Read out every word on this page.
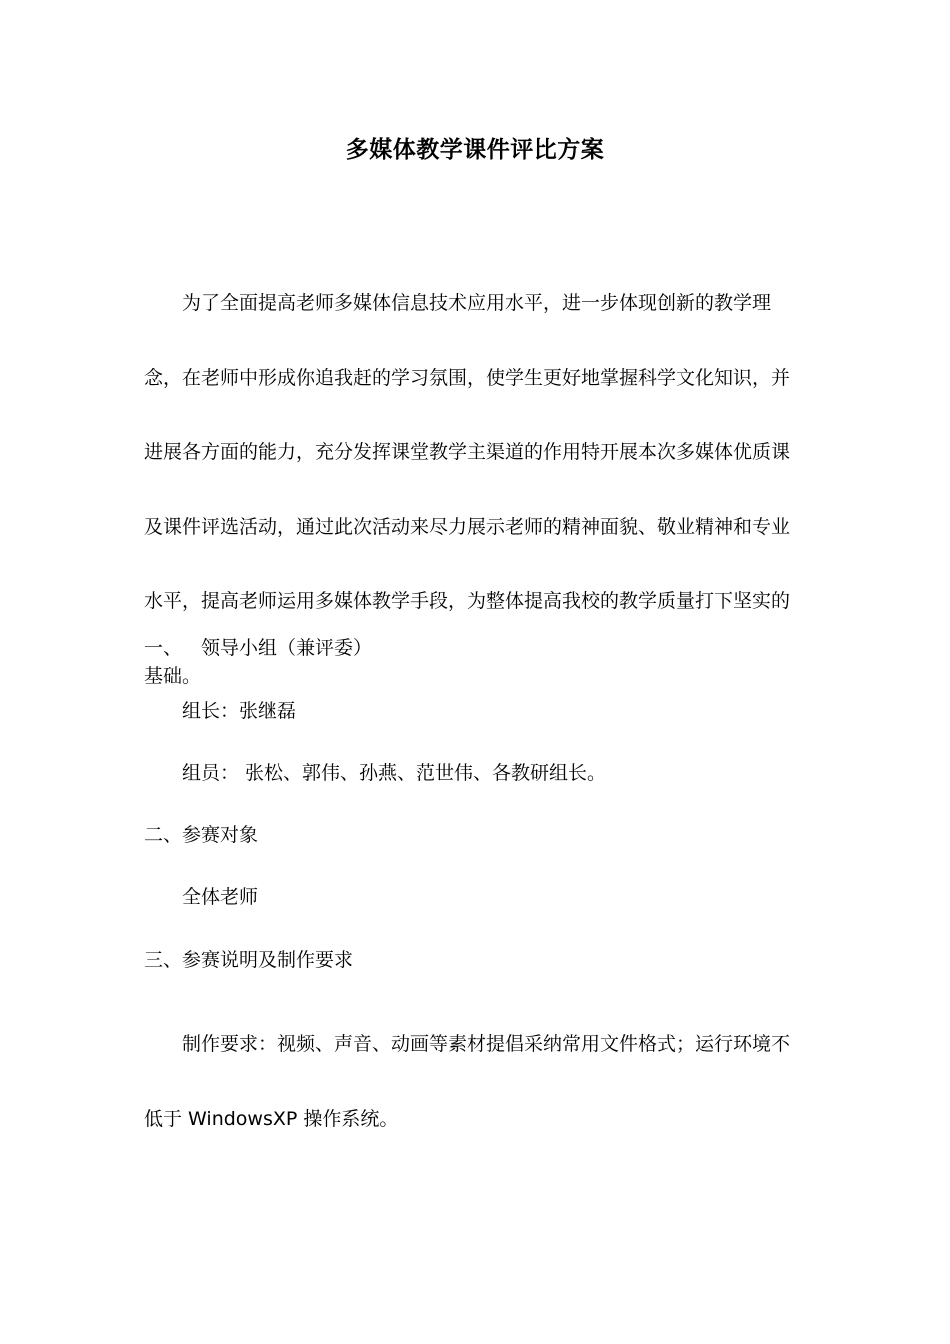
多媒体教学课件评比方案

为了全面提高老师多媒体信息技术应用水平，进一步体现创新的教学理念，在老师中形成你追我赶的学习氛围，使学生更好地掌握科学文化知识，并进展各方面的能力，充分发挥课堂教学主渠道的作用特开展本次多媒体优质课及课件评选活动，通过此次活动来尽力展示老师的精神面貌、敬业精神和专业水平，提高老师运用多媒体教学手段，为整体提高我校的教学质量打下坚实的基础。

一、 领导小组（兼评委）
组长：张继磊
组员： 张松、郭伟、孙燕、范世伟、各教研组长。
二、参赛对象
全体老师
三、参赛说明及制作要求

制作要求：视频、声音、动画等素材提倡采纳常用文件格式；运行环境不低于 WindowsXP 操作系统。
